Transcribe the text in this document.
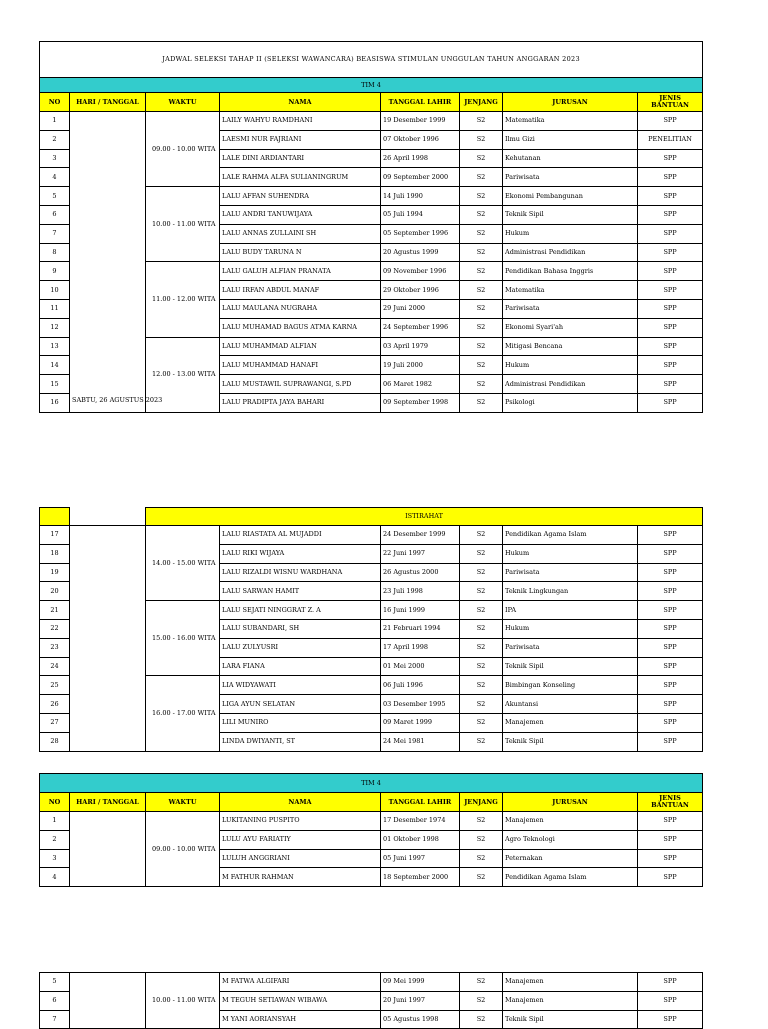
JADWAL SELEKSI TAHAP II (SELEKSI WAWANCARA) BEASISWA STIMULAN UNGGULAN TAHUN ANGGARAN 2023							
TIM 4							
NO	HARI / TANGGAL	WAKTU	NAMA	TANGGAL LAHIR	JENJANG	JURUSAN	JENIS BANTUAN
1	SABTU, 26 AGUSTUS 2023	09.00 - 10.00 WITA	LAILY WAHYU RAMDHANI	19 Desember 1999	S2	Matematika	SPP
2			LAESMI NUR FAJRIANI	07 Oktober 1996	S2	Ilmu Gizi	PENELITIAN
3			LALE DINI ARDIANTARI	26 April 1998	S2	Kehutanan	SPP
4			LALE RAHMA ALFA SULIANINGRUM	09 September 2000	S2	Pariwisata	SPP
5		10.00 - 11.00 WITA	LALU AFFAN SUHENDRA	14 Juli 1990	S2	Ekonomi Pembangunan	SPP
6			LALU ANDRI TANUWIJAYA	05 Juli 1994	S2	Teknik Sipil	SPP
7			LALU ANNAS ZULLAINI SH	05 September 1996	S2	Hukum	SPP
8			LALU BUDY TARUNA N	20 Agustus 1999	S2	Administrasi Pendidikan	SPP
9		11.00 - 12.00 WITA	LALU GALUH ALFIAN PRANATA	09 November 1996	S2	Pendidikan Bahasa Inggris	SPP
10			LALU IRFAN ABDUL MANAF	29 Oktober 1996	S2	Matematika	SPP
11			LALU MAULANA NUGRAHA	29 Juni 2000	S2	Pariwisata	SPP
12			LALU MUHAMAD BAGUS ATMA KARNA	24 September 1996	S2	Ekonomi Syari'ah	SPP
13		12.00 - 13.00 WITA	LALU MUHAMMAD ALFIAN	03 April 1979	S2	Mitigasi Bencana	SPP
14			LALU MUHAMMAD HANAFI	19 Juli 2000	S2	Hukum	SPP
15			LALU MUSTAWIL SUPRAWANGI, S.PD	06 Maret 1982	S2	Administrasi Pendidikan	SPP
16			LALU PRADIPTA JAYA BAHARI	09 September 1998	S2	Psikologi	SPP
		ISTIRAHAT					
17		14.00 - 15.00 WITA	LALU RIASTATA AL MUJADDI	24 Desember 1999	S2	Pendidikan Agama Islam	SPP
18			LALU RIKI WIJAYA	22 Juni 1997	S2	Hukum	SPP
19			LALU RIZALDI WISNU WARDHANA	26 Agustus 2000	S2	Pariwisata	SPP
20			LALU SARWAN HAMIT	23 Juli 1998	S2	Teknik Lingkungan	SPP
21		15.00 - 16.00 WITA	LALU SEJATI NINGGRAT Z. A	16 Juni 1999	S2	IPA	SPP
22			LALU SUBANDARI, SH	21 Februari 1994	S2	Hukum	SPP
23			LALU ZULYUSRI	17 April 1998	S2	Pariwisata	SPP
24			LARA FIANA	01 Mei 2000	S2	Teknik Sipil	SPP
25		16.00 - 17.00 WITA	LIA WIDYAWATI	06 Juli 1996	S2	Bimbingan Konseling	SPP
26			LIGA AYUN SELATAN	03 Desember 1995	S2	Akuntansi	SPP
27			LILI MUNIRO	09 Maret 1999	S2	Manajemen	SPP
28			LINDA DWIYANTI, ST	24 Mei 1981	S2	Teknik Sipil	SPP
TIM 4							
NO	HARI / TANGGAL	WAKTU	NAMA	TANGGAL LAHIR	JENJANG	JURUSAN	JENIS BANTUAN
1		09.00 - 10.00 WITA	LUKITANING PUSPITO	17 Desember 1974	S2	Manajemen	SPP
2			LULU AYU FARIATIY	01 Oktober 1998	S2	Agro Teknologi	SPP
3			LULUH ANGGRIANI	05 Juni 1997	S2	Peternakan	SPP
4			M FATHUR RAHMAN	18 September 2000	S2	Pendidikan Agama Islam	SPP
5		10.00 - 11.00 WITA	M FATWA ALGIFARI	09 Mei 1999	S2	Manajemen	SPP
6			M TEGUH SETIAWAN WIBAWA	20 Juni 1997	S2	Manajemen	SPP
7			M YANI AORIANSYAH	05 Agustus 1998	S2	Teknik Sipil	SPP
